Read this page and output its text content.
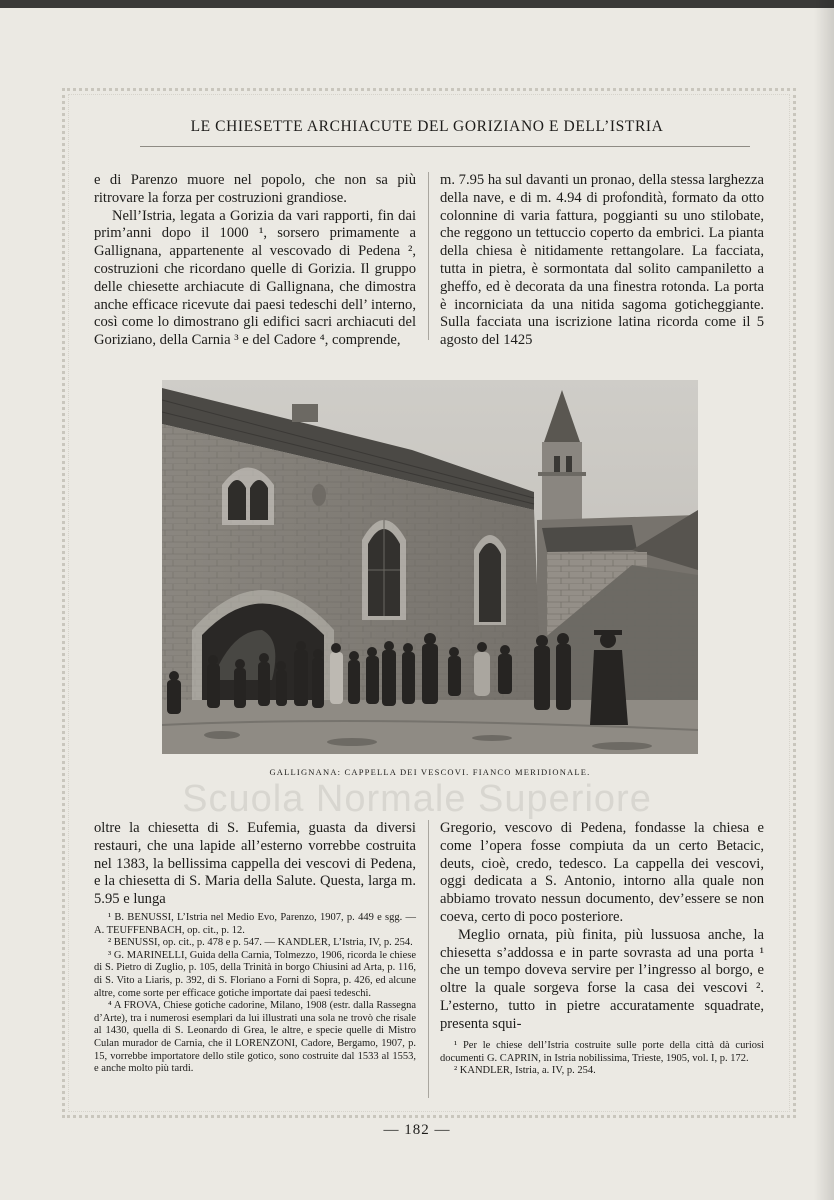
LE CHIESETTE ARCHIACUTE DEL GORIZIANO E DELL’ISTRIA

e di Parenzo muore nel popolo, che non sa più ritrovare la forza per costruzioni grandiose.

Nell’Istria, legata a Gorizia da vari rapporti, fin dai prim’anni dopo il 1000 ¹, sorsero primamente a Gallignana, appartenente al vescovado di Pedena ², costruzioni che ricordano quelle di Gorizia. Il gruppo delle chiesette archiacute di Gallignana, che dimostra anche efficace ricevute dai paesi tedeschi dell’ interno, così come lo dimostrano gli edifici sacri archiacuti del Goriziano, della Carnia ³ e del Cadore ⁴, comprende,

m. 7.95 ha sul davanti un pronao, della stessa larghezza della nave, e di m. 4.94 di profondità, formato da otto colonnine di varia fattura, poggianti su uno stilobate, che reggono un tettuccio coperto da embrici. La pianta della chiesa è nitidamente rettangolare. La facciata, tutta in pietra, è sormontata dal solito campaniletto a gheffo, ed è decorata da una finestra rotonda. La porta è incorniciata da una nitida sagoma goticheggiante. Sulla facciata una iscrizione latina ricorda come il 5 agosto del 1425

GALLIGNANA: CAPPELLA DEI VESCOVI. FIANCO MERIDIONALE.
Scuola Normale Superiore

oltre la chiesetta di S. Eufemia, guasta da diversi restauri, che una lapide all’esterno vorrebbe costruita nel 1383, la bellissima cappella dei vescovi di Pedena, e la chiesetta di S. Maria della Salute. Questa, larga m. 5.95 e lunga

Gregorio, vescovo di Pedena, fondasse la chiesa e come l’opera fosse compiuta da un certo Betacic, deuts, cioè, credo, tedesco. La cappella dei vescovi, oggi dedicata a S. Antonio, intorno alla quale non abbiamo trovato nessun documento, dev’essere se non coeva, certo di poco posteriore.

Meglio ornata, più finita, più lussuosa anche, la chiesetta s’addossa e in parte sovrasta ad una porta ¹ che un tempo doveva servire per l’ingresso al borgo, e oltre la quale sorgeva forse la casa dei vescovi ². L’esterno, tutto in pietre accuratamente squadrate, presenta squi-

¹ B. BENUSSI, L’Istria nel Medio Evo, Parenzo, 1907, p. 449 e sgg. — A. TEUFFENBACH, op. cit., p. 12.

² BENUSSI, op. cit., p. 478 e p. 547. — KANDLER, L’Istria, IV, p. 254.

³ G. MARINELLI, Guida della Carnia, Tolmezzo, 1906, ricorda le chiese di S. Pietro di Zuglio, p. 105, della Trinità in borgo Chiusini ad Arta, p. 116, di S. Vito a Liaris, p. 392, di S. Floriano a Forni di Sopra, p. 426, ed alcune altre, come sorte per efficace gotiche importate dai paesi tedeschi.

⁴ A FROVA, Chiese gotiche cadorine, Milano, 1908 (estr. dalla Rassegna d’Arte), tra i numerosi esemplari da lui illustrati una sola ne trovò che risale al 1430, quella di S. Leonardo di Grea, le altre, e specie quelle di Mistro Culan murador de Carnia, che il LORENZONI, Cadore, Bergamo, 1907, p. 15, vorrebbe importatore dello stile gotico, sono costruite dal 1533 al 1553, e anche molto più tardi.

¹ Per le chiese dell’Istria costruite sulle porte della città dà curiosi documenti G. CAPRIN, in Istria nobilissima, Trieste, 1905, vol. I, p. 172.

² KANDLER, Istria, a. IV, p. 254.

— 182 —
